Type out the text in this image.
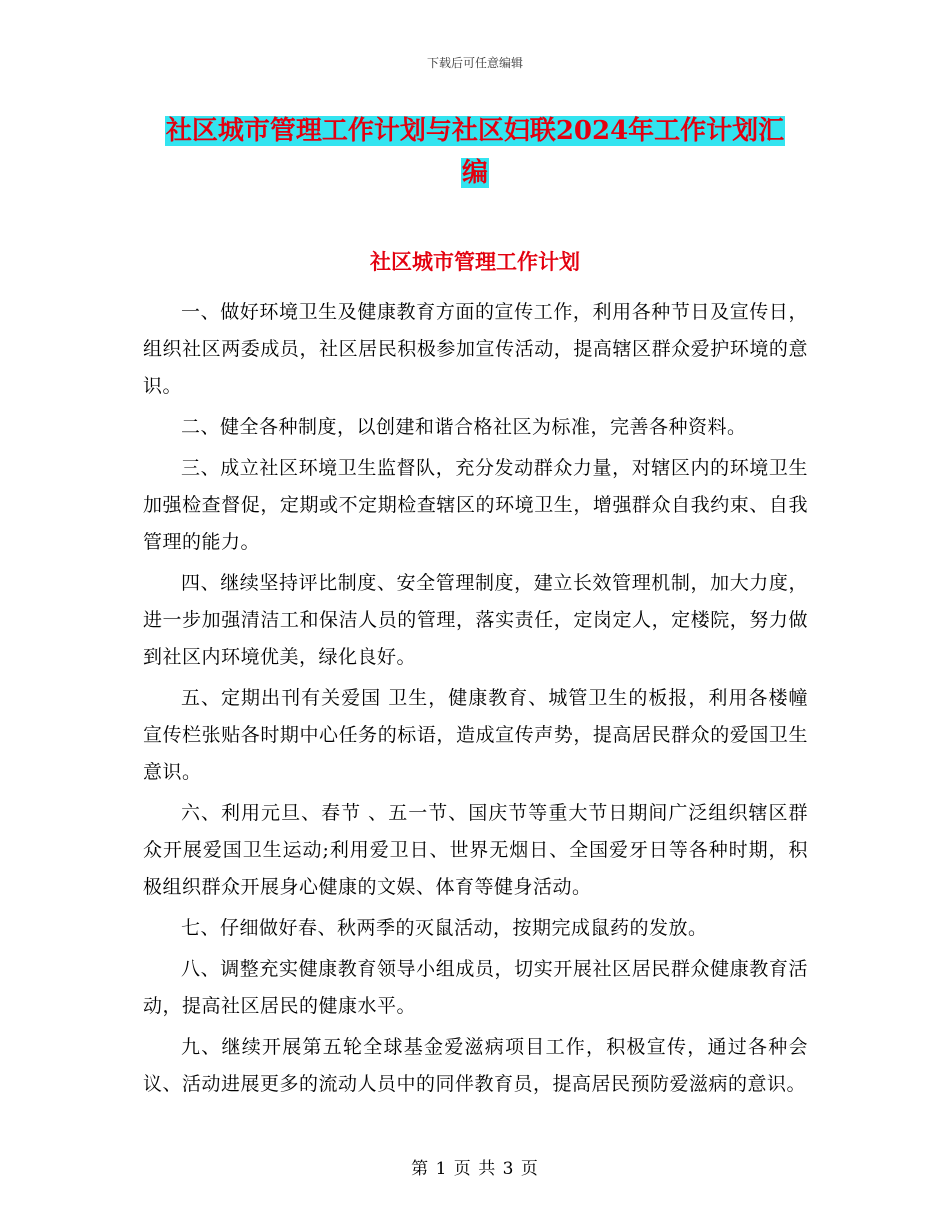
下载后可任意编辑
社区城市管理工作计划与社区妇联2024年工作计划汇
编
社区城市管理工作计划

一、做好环境卫生及健康教育方面的宣传工作，利用各种节日及宣传日，组织社区两委成员，社区居民积极参加宣传活动，提高辖区群众爱护环境的意识。

二、健全各种制度，以创建和谐合格社区为标准，完善各种资料。

三、成立社区环境卫生监督队，充分发动群众力量，对辖区内的环境卫生加强检查督促，定期或不定期检查辖区的环境卫生，增强群众自我约束、自我管理的能力。

四、继续坚持评比制度、安全管理制度，建立长效管理机制，加大力度，进一步加强清洁工和保洁人员的管理，落实责任，定岗定人，定楼院，努力做到社区内环境优美，绿化良好。

五、定期出刊有关爱国 卫生，健康教育、城管卫生的板报，利用各楼幢宣传栏张贴各时期中心任务的标语，造成宣传声势，提高居民群众的爱国卫生意识。

六、利用元旦、春节 、五一节、国庆节等重大节日期间广泛组织辖区群众开展爱国卫生运动;利用爱卫日、世界无烟日、全国爱牙日等各种时期，积极组织群众开展身心健康的文娱、体育等健身活动。

七、仔细做好春、秋两季的灭鼠活动，按期完成鼠药的发放。

八、调整充实健康教育领导小组成员，切实开展社区居民群众健康教育活动，提高社区居民的健康水平。

九、继续开展第五轮全球基金爱滋病项目工作，积极宣传，通过各种会议、活动进展更多的流动人员中的同伴教育员，提高居民预防爱滋病的意识。

第 1 页 共 3 页
